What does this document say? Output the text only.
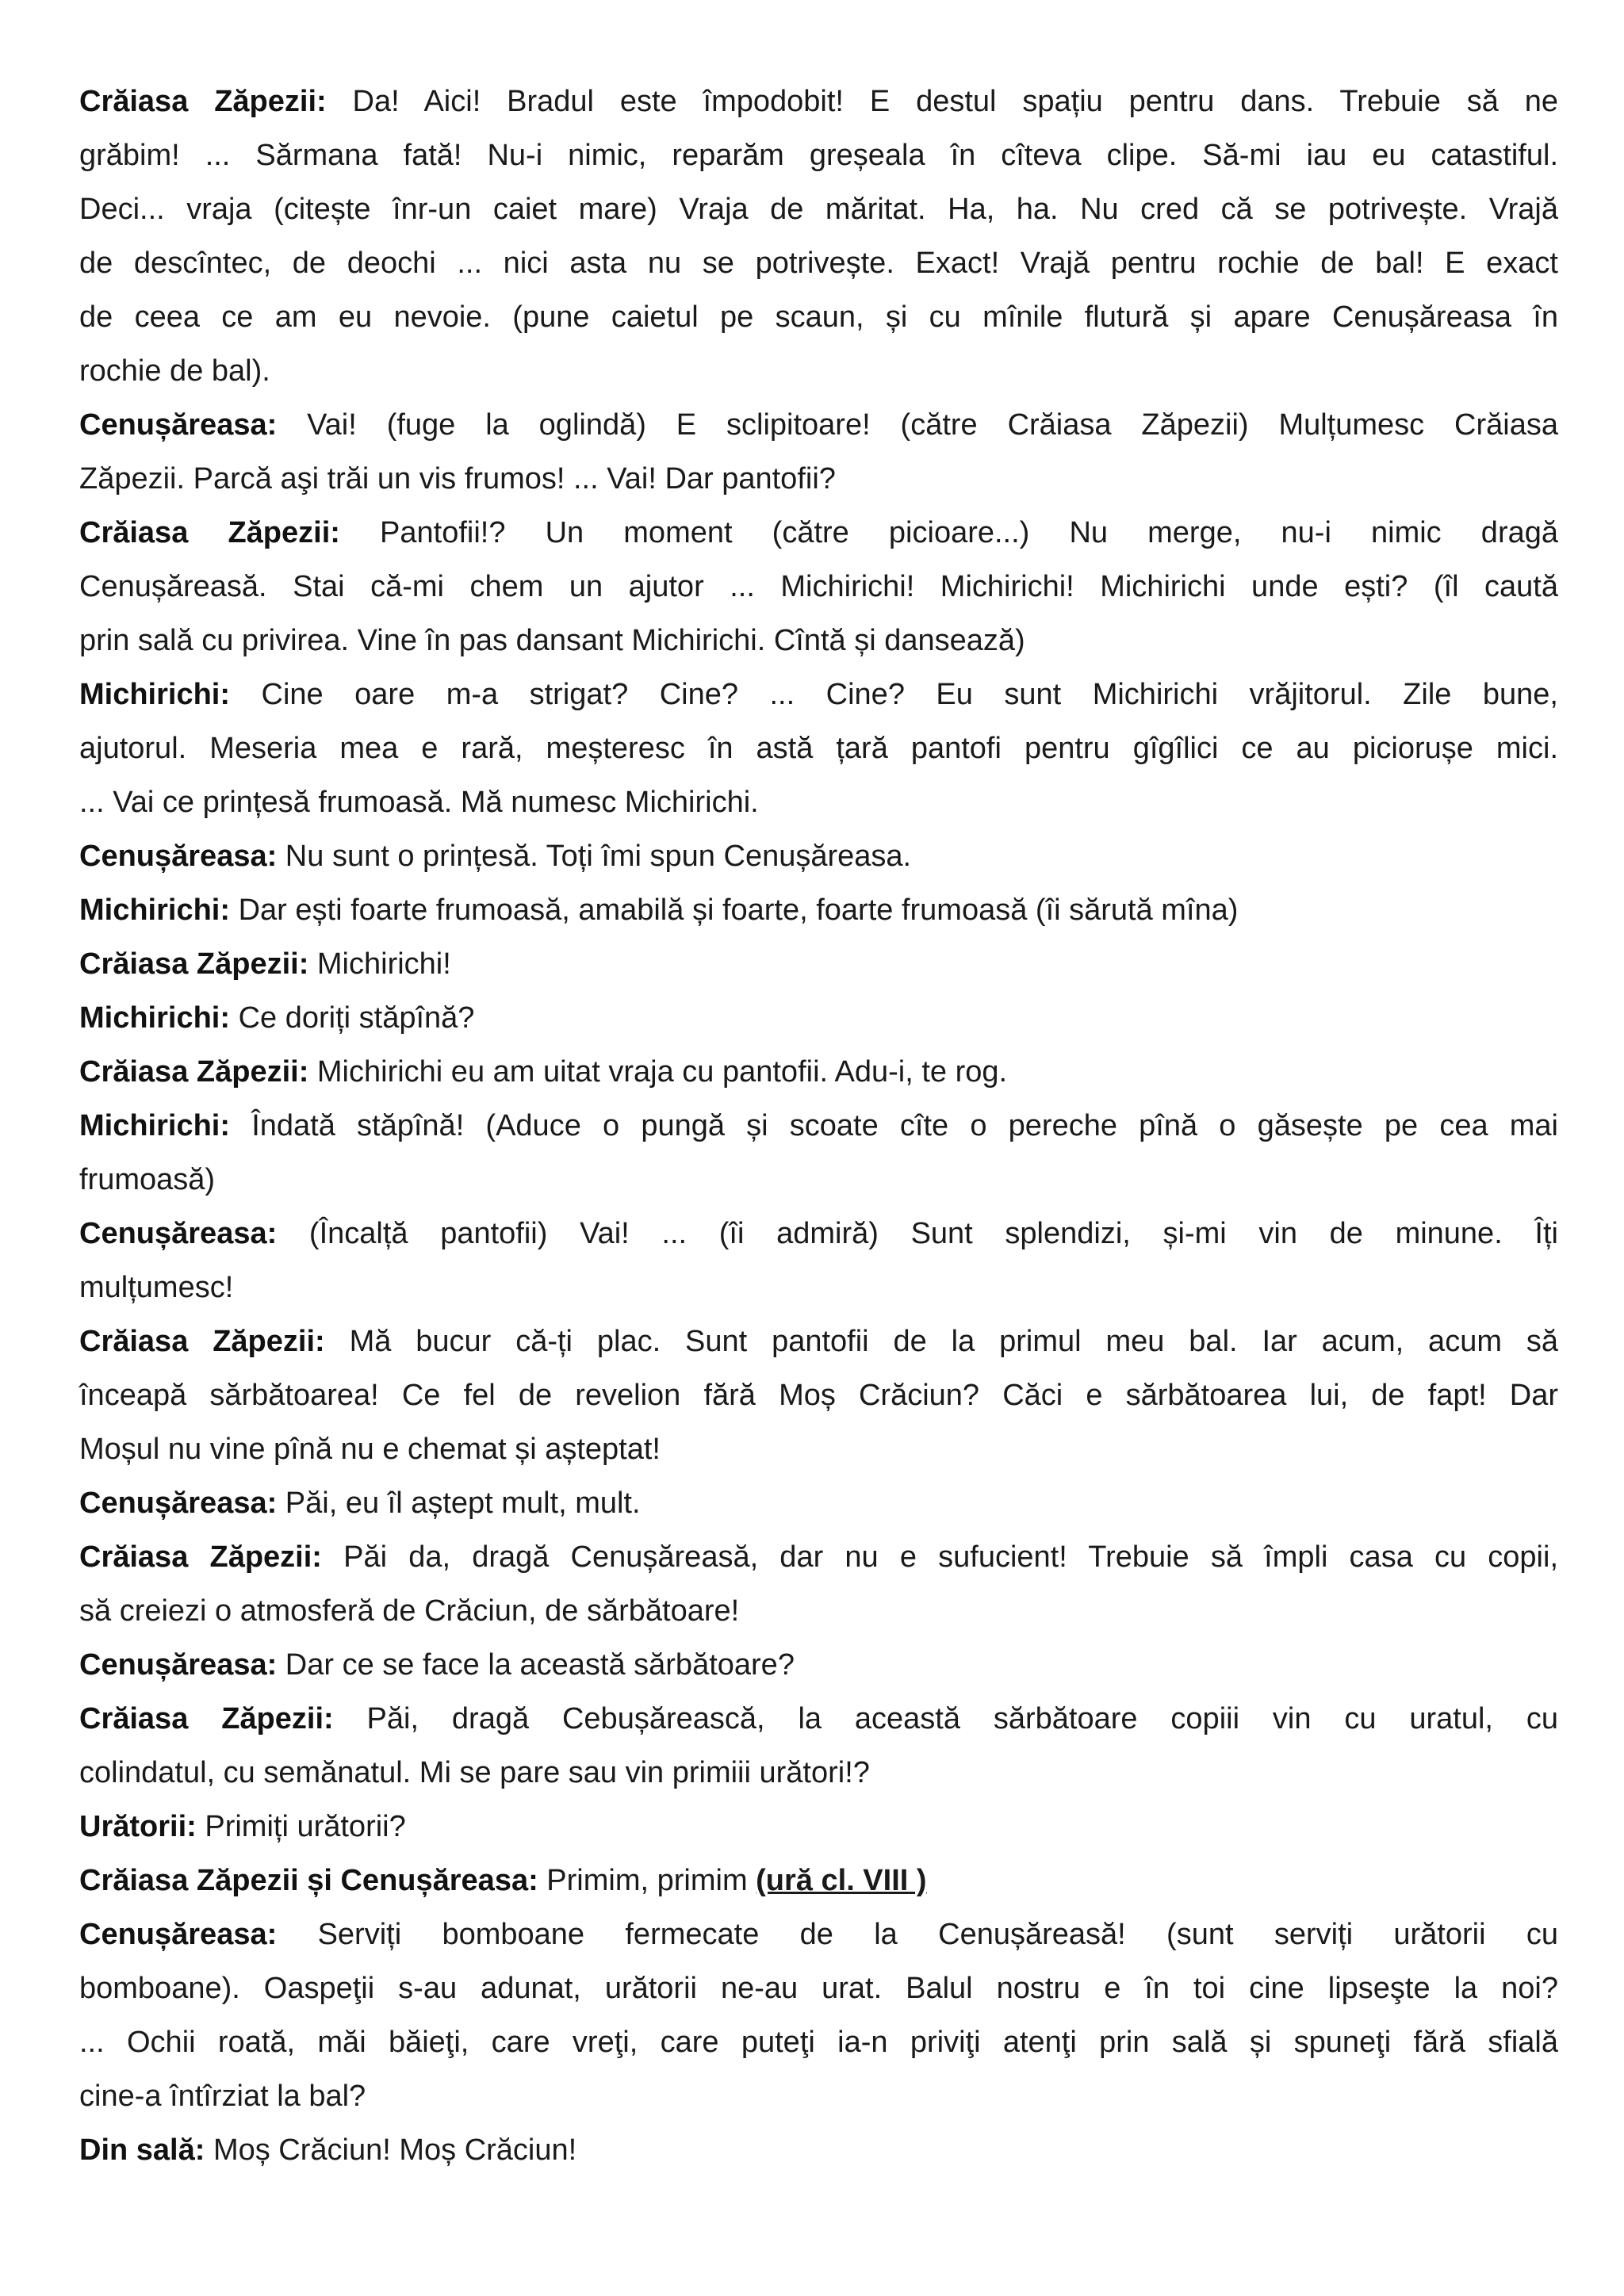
Crăiasa Zăpezii: Da! Aici! Bradul este împodobit! E destul spațiu pentru dans. Trebuie să ne
grăbim! ... Sărmana fată! Nu-i nimic, reparăm greșeala în cîteva clipe. Să-mi iau eu catastiful.
Deci... vraja (citește înr-un caiet mare) Vraja de măritat. Ha, ha. Nu cred că se potrivește. Vrajă
de descîntec, de deochi ... nici asta nu se potrivește. Exact! Vrajă pentru rochie de bal! E exact
de ceea ce am eu nevoie. (pune caietul pe scaun, și cu mînile flutură și apare Cenușăreasa în
rochie de bal).
Cenușăreasa: Vai! (fuge la oglindă) E sclipitoare! (către Crăiasa Zăpezii) Mulțumesc Crăiasa
Zăpezii. Parcă aşi trăi un vis frumos! ... Vai! Dar pantofii?
Crăiasa Zăpezii: Pantofii!? Un moment (către picioare...) Nu merge, nu-i nimic dragă
Cenușăreasă. Stai că-mi chem un ajutor ... Michirichi! Michirichi! Michirichi unde ești? (îl caută
prin sală cu privirea. Vine în pas dansant Michirichi. Cîntă și dansează)
Michirichi: Cine oare m-a strigat? Cine? ... Cine? Eu sunt Michirichi vrăjitorul. Zile bune,
ajutorul. Meseria mea e rară, meșteresc în astă țară pantofi pentru gîgîlici ce au piciorușe mici.
... Vai ce prințesă frumoasă. Mă numesc Michirichi.
Cenușăreasa: Nu sunt o prințesă. Toți îmi spun Cenușăreasa.
Michirichi: Dar ești foarte frumoasă, amabilă și foarte, foarte frumoasă (îi sărută mîna)
Crăiasa Zăpezii: Michirichi!
Michirichi: Ce doriți stăpînă?
Crăiasa Zăpezii: Michirichi eu am uitat vraja cu pantofii. Adu-i, te rog.
Michirichi: Îndată stăpînă! (Aduce o pungă și scoate cîte o pereche pînă o găsește pe cea mai
frumoasă)
Cenușăreasa: (Încalță pantofii) Vai! ... (îi admiră) Sunt splendizi, și-mi vin de minune. Îți
mulțumesc!
Crăiasa Zăpezii: Mă bucur că-ți plac. Sunt pantofii de la primul meu bal. Iar acum, acum să
înceapă sărbătoarea! Ce fel de revelion fără Moș Crăciun? Căci e sărbătoarea lui, de fapt! Dar
Moșul nu vine pînă nu e chemat și așteptat!
Cenușăreasa: Păi, eu îl aștept mult, mult.
Crăiasa Zăpezii: Păi da, dragă Cenușăreasă, dar nu e sufucient! Trebuie să împli casa cu copii,
să creiezi o atmosferă de Crăciun, de sărbătoare!
Cenușăreasa: Dar ce se face la această sărbătoare?
Crăiasa Zăpezii: Păi, dragă Cebușărească, la această sărbătoare copiii vin cu uratul, cu
colindatul, cu semănatul. Mi se pare sau vin primiii urători!?
Urătorii: Primiți urătorii?
Crăiasa Zăpezii și Cenușăreasa: Primim, primim (ură cl. VIII )
Cenușăreasa: Serviți bomboane fermecate de la Cenușăreasă! (sunt serviți urătorii cu
bomboane). Oaspeţii s-au adunat, urătorii ne-au urat. Balul nostru e în toi cine lipseşte la noi?
... Ochii roată, măi băieţi, care vreţi, care puteţi ia-n priviţi atenţi prin sală și spuneţi fără sfială
cine-a întîrziat la bal?
Din sală: Moș Crăciun! Moș Crăciun!
